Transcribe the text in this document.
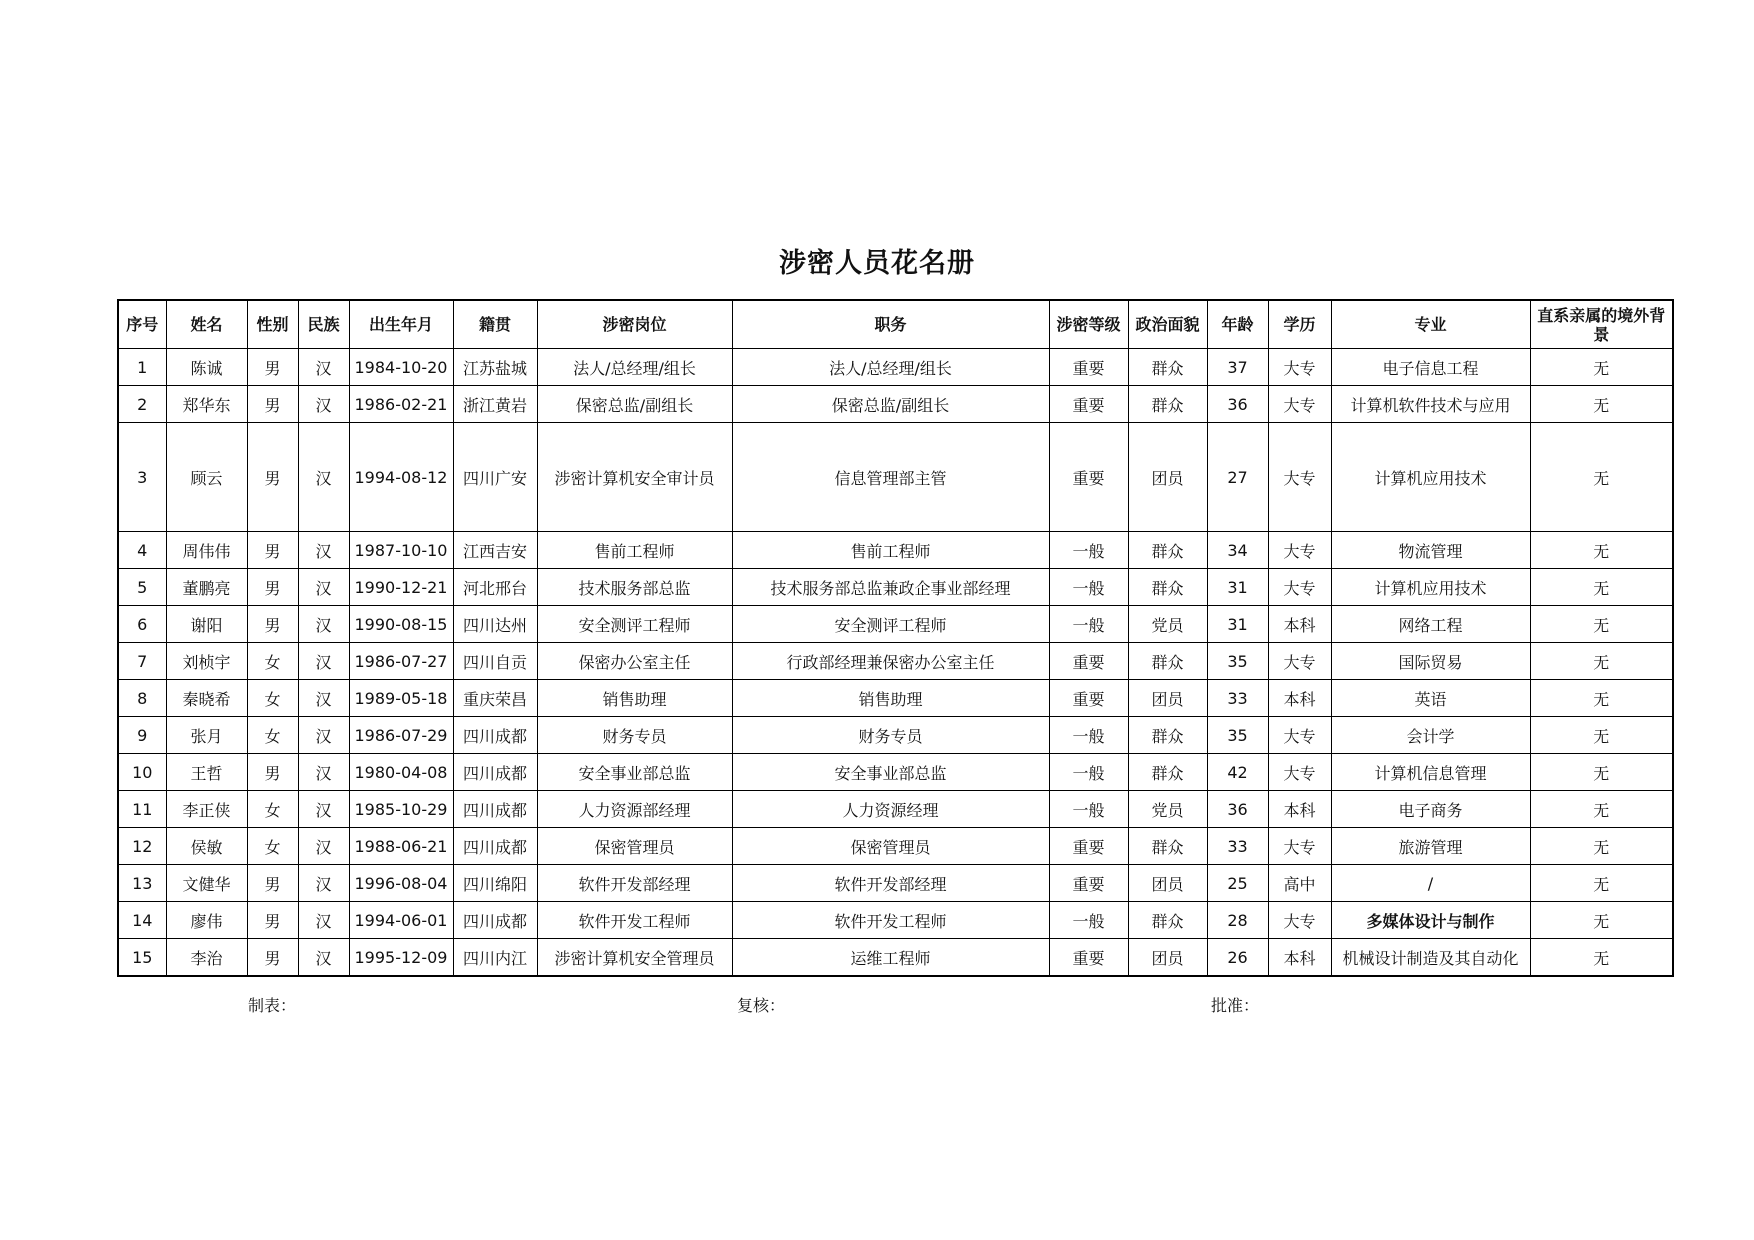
涉密人员花名册
序号	姓名	性别	民族	出生年月	籍贯	涉密岗位	职务	涉密等级	政治面貌	年龄	学历	专业	直系亲属的境外背景
1	陈诚	男	汉	1984-10-20	江苏盐城	法人/总经理/组长	法人/总经理/组长	重要	群众	37	大专	电子信息工程	无
2	郑华东	男	汉	1986-02-21	浙江黄岩	保密总监/副组长	保密总监/副组长	重要	群众	36	大专	计算机软件技术与应用	无
3	顾云	男	汉	1994-08-12	四川广安	涉密计算机安全审计员	信息管理部主管	重要	团员	27	大专	计算机应用技术	无
4	周伟伟	男	汉	1987-10-10	江西吉安	售前工程师	售前工程师	一般	群众	34	大专	物流管理	无
5	董鹏亮	男	汉	1990-12-21	河北邢台	技术服务部总监	技术服务部总监兼政企事业部经理	一般	群众	31	大专	计算机应用技术	无
6	谢阳	男	汉	1990-08-15	四川达州	安全测评工程师	安全测评工程师	一般	党员	31	本科	网络工程	无
7	刘桢宇	女	汉	1986-07-27	四川自贡	保密办公室主任	行政部经理兼保密办公室主任	重要	群众	35	大专	国际贸易	无
8	秦晓希	女	汉	1989-05-18	重庆荣昌	销售助理	销售助理	重要	团员	33	本科	英语	无
9	张月	女	汉	1986-07-29	四川成都	财务专员	财务专员	一般	群众	35	大专	会计学	无
10	王哲	男	汉	1980-04-08	四川成都	安全事业部总监	安全事业部总监	一般	群众	42	大专	计算机信息管理	无
11	李正侠	女	汉	1985-10-29	四川成都	人力资源部经理	人力资源经理	一般	党员	36	本科	电子商务	无
12	侯敏	女	汉	1988-06-21	四川成都	保密管理员	保密管理员	重要	群众	33	大专	旅游管理	无
13	文健华	男	汉	1996-08-04	四川绵阳	软件开发部经理	软件开发部经理	重要	团员	25	高中	/	无
14	廖伟	男	汉	1994-06-01	四川成都	软件开发工程师	软件开发工程师	一般	群众	28	大专	多媒体设计与制作	无
15	李治	男	汉	1995-12-09	四川内江	涉密计算机安全管理员	运维工程师	重要	团员	26	本科	机械设计制造及其自动化	无
制表：	复核：	批准：
